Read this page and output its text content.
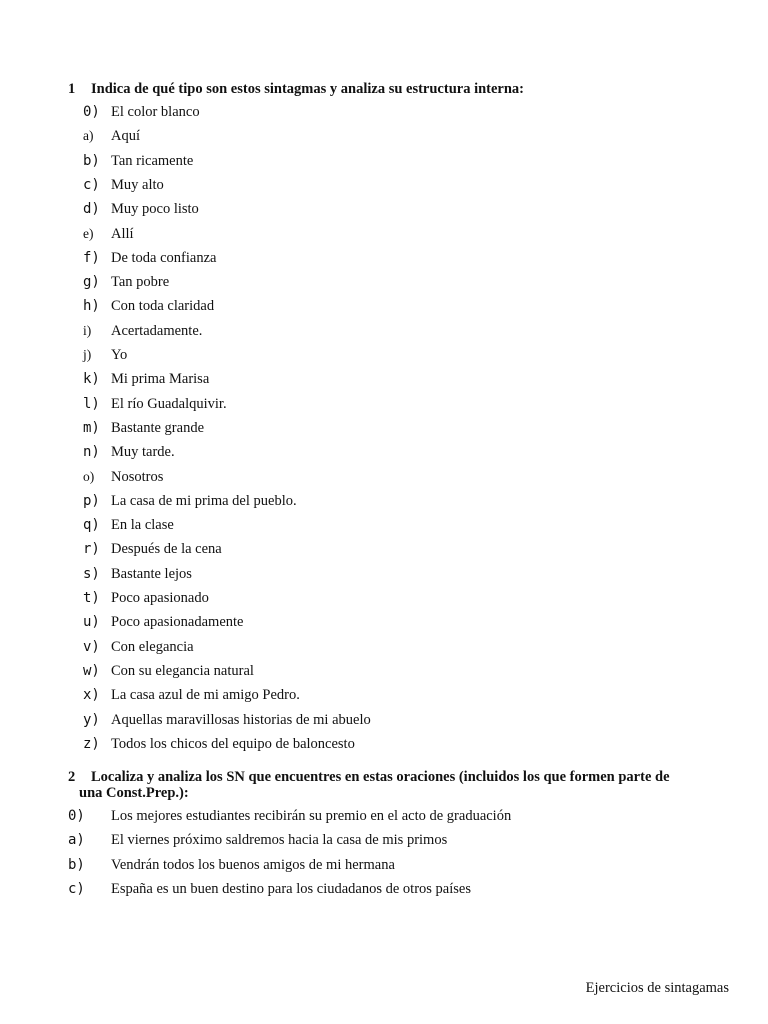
1 Indica de qué tipo son estos sintagmas y analiza su estructura interna:
0) El color blanco
a) Aquí
b) Tan ricamente
c) Muy alto
d) Muy poco listo
e) Allí
f) De toda confianza
g) Tan pobre
h) Con toda claridad
i) Acertadamente.
j) Yo
k) Mi prima Marisa
l) El río Guadalquivir.
m) Bastante grande
n) Muy tarde.
o) Nosotros
p) La casa de mi prima del pueblo.
q) En la clase
r) Después de la cena
s) Bastante lejos
t) Poco apasionado
u) Poco apasionadamente
v) Con elegancia
w) Con su elegancia natural
x) La casa azul de mi amigo Pedro.
y) Aquellas maravillosas historias de mi abuelo
z) Todos los chicos del equipo de baloncesto
2 Localiza y analiza los SN que encuentres en estas oraciones (incluidos los que formen parte de
una Const.Prep.):
0) Los mejores estudiantes recibirán su premio en el acto de graduación
a) El viernes próximo saldremos hacia la casa de mis primos
b) Vendrán todos los buenos amigos de mi hermana
c) España es un buen destino para los ciudadanos de otros países
Ejercicios de sintagamas
